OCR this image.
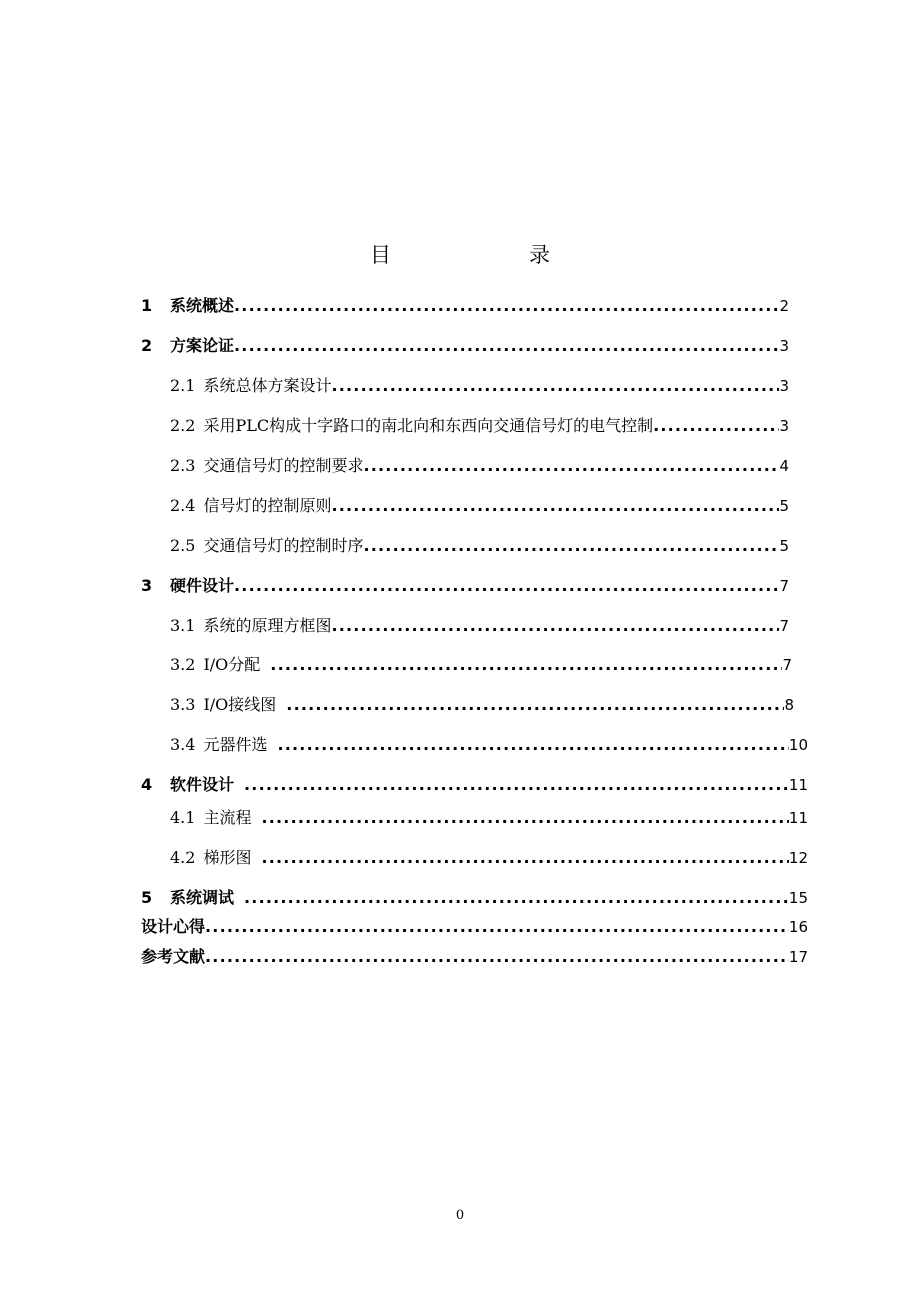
目　　录
1	系统概述 .....	2
2	方案论证 .....	3
2.1 系统总体方案设计 .....	3
2.2 采用PLC构成十字路口的南北向和东西向交通信号灯的电气控制 .....	3
2.3 交通信号灯的控制要求 .....	4
2.4 信号灯的控制原则 .....	5
2.5 交通信号灯的控制时序 .....	5
3	硬件设计 .....	7
3.1 系统的原理方框图 .....	7
3.2 I/O分配 .....	7
3.3 I/O接线图 .....	8
3.4 元器件选 .....	10
4	软件设计 .....	11
4.1 主流程 .....	11
4.2 梯形图 .....	12
5	系统调试 .....	15
设计心得 .....	16
参考文献 .....	17
0
